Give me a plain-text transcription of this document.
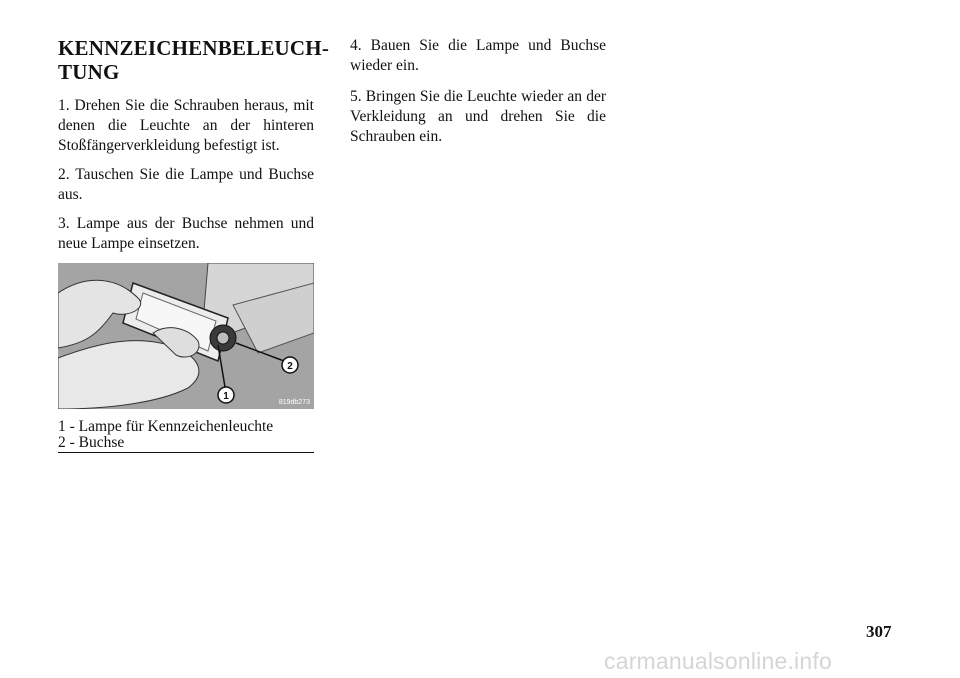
KENNZEICHENBELEUCH-
TUNG

1. Drehen Sie die Schrauben heraus, mit denen die Leuchte an der hinteren Stoßfängerverkleidung befestigt ist.

2. Tauschen Sie die Lampe und Buchse aus.

3. Lampe aus der Buchse nehmen und neue Lampe einsetzen.

1
2
819db273
1 - Lampe für Kennzeichenleuchte
2 - Buchse

4. Bauen Sie die Lampe und Buchse wieder ein.

5. Bringen Sie die Leuchte wieder an der Verkleidung an und drehen Sie die Schrauben ein.

307
carmanualsonline.info
